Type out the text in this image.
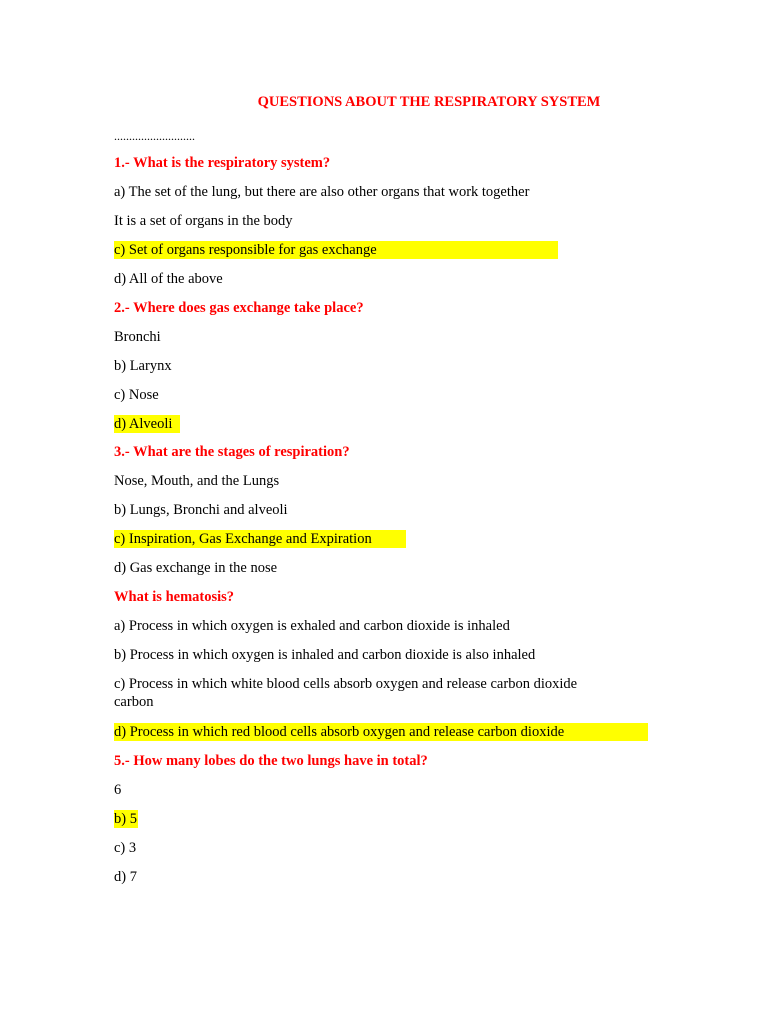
QUESTIONS ABOUT THE RESPIRATORY SYSTEM
...........................
1.- What is the respiratory system?
a) The set of the lung, but there are also other organs that work together
It is a set of organs in the body
c) Set of organs responsible for gas exchange
d) All of the above
2.- Where does gas exchange take place?
Bronchi
b) Larynx
c) Nose
d) Alveoli
3.- What are the stages of respiration?
Nose, Mouth, and the Lungs
b) Lungs, Bronchi and alveoli
c) Inspiration, Gas Exchange and Expiration
d) Gas exchange in the nose
What is hematosis?
a) Process in which oxygen is exhaled and carbon dioxide is inhaled
b) Process in which oxygen is inhaled and carbon dioxide is also inhaled
c) Process in which white blood cells absorb oxygen and release carbon dioxide carbon
d) Process in which red blood cells absorb oxygen and release carbon dioxide
5.- How many lobes do the two lungs have in total?
6
b) 5
c) 3
d) 7
